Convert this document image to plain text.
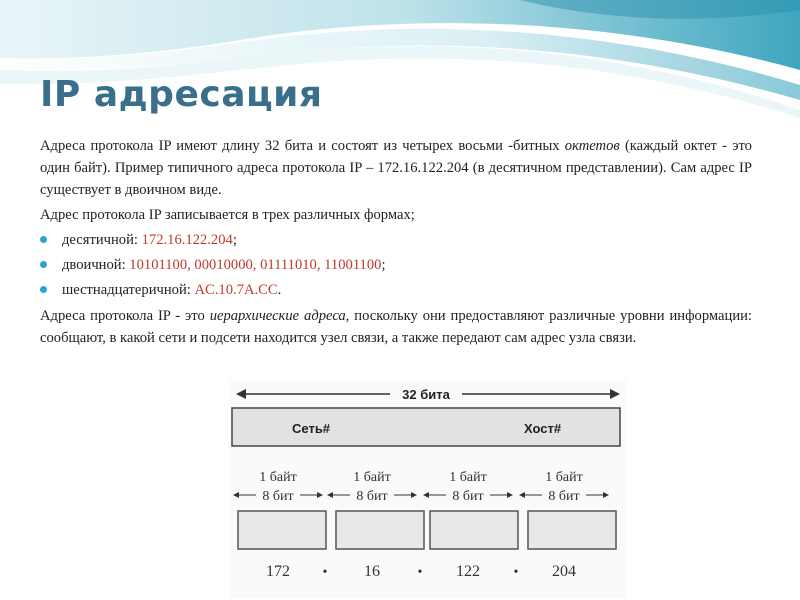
IP адресация

Адреса протокола IP имеют длину 32 бита и состоят из четырех восьми -битных октетов (каждый октет - это один байт). Пример типичного адреса протокола IP – 172.16.122.204 (в десятичном представлении). Сам адрес IP существует в двоичном виде.

Адрес протокола IP записывается в трех различных формах;

десятичной: 172.16.122.204;
двоичной: 10101100, 00010000, 01111010, 11001100;
шестнадцатеричной: AC.10.7A.CC.

Адреса протокола IP - это иерархические адреса, поскольку они предоставляют различные уровни информации: сообщают, в какой сети и подсети находится узел связи, а также передают сам адрес узла связи.

32 бита
Сеть#	Хост#
1 байт
8 бит
1 байт
8 бит
1 байт
8 бит
1 байт
8 бит
172 • 16	• 122 • 204
